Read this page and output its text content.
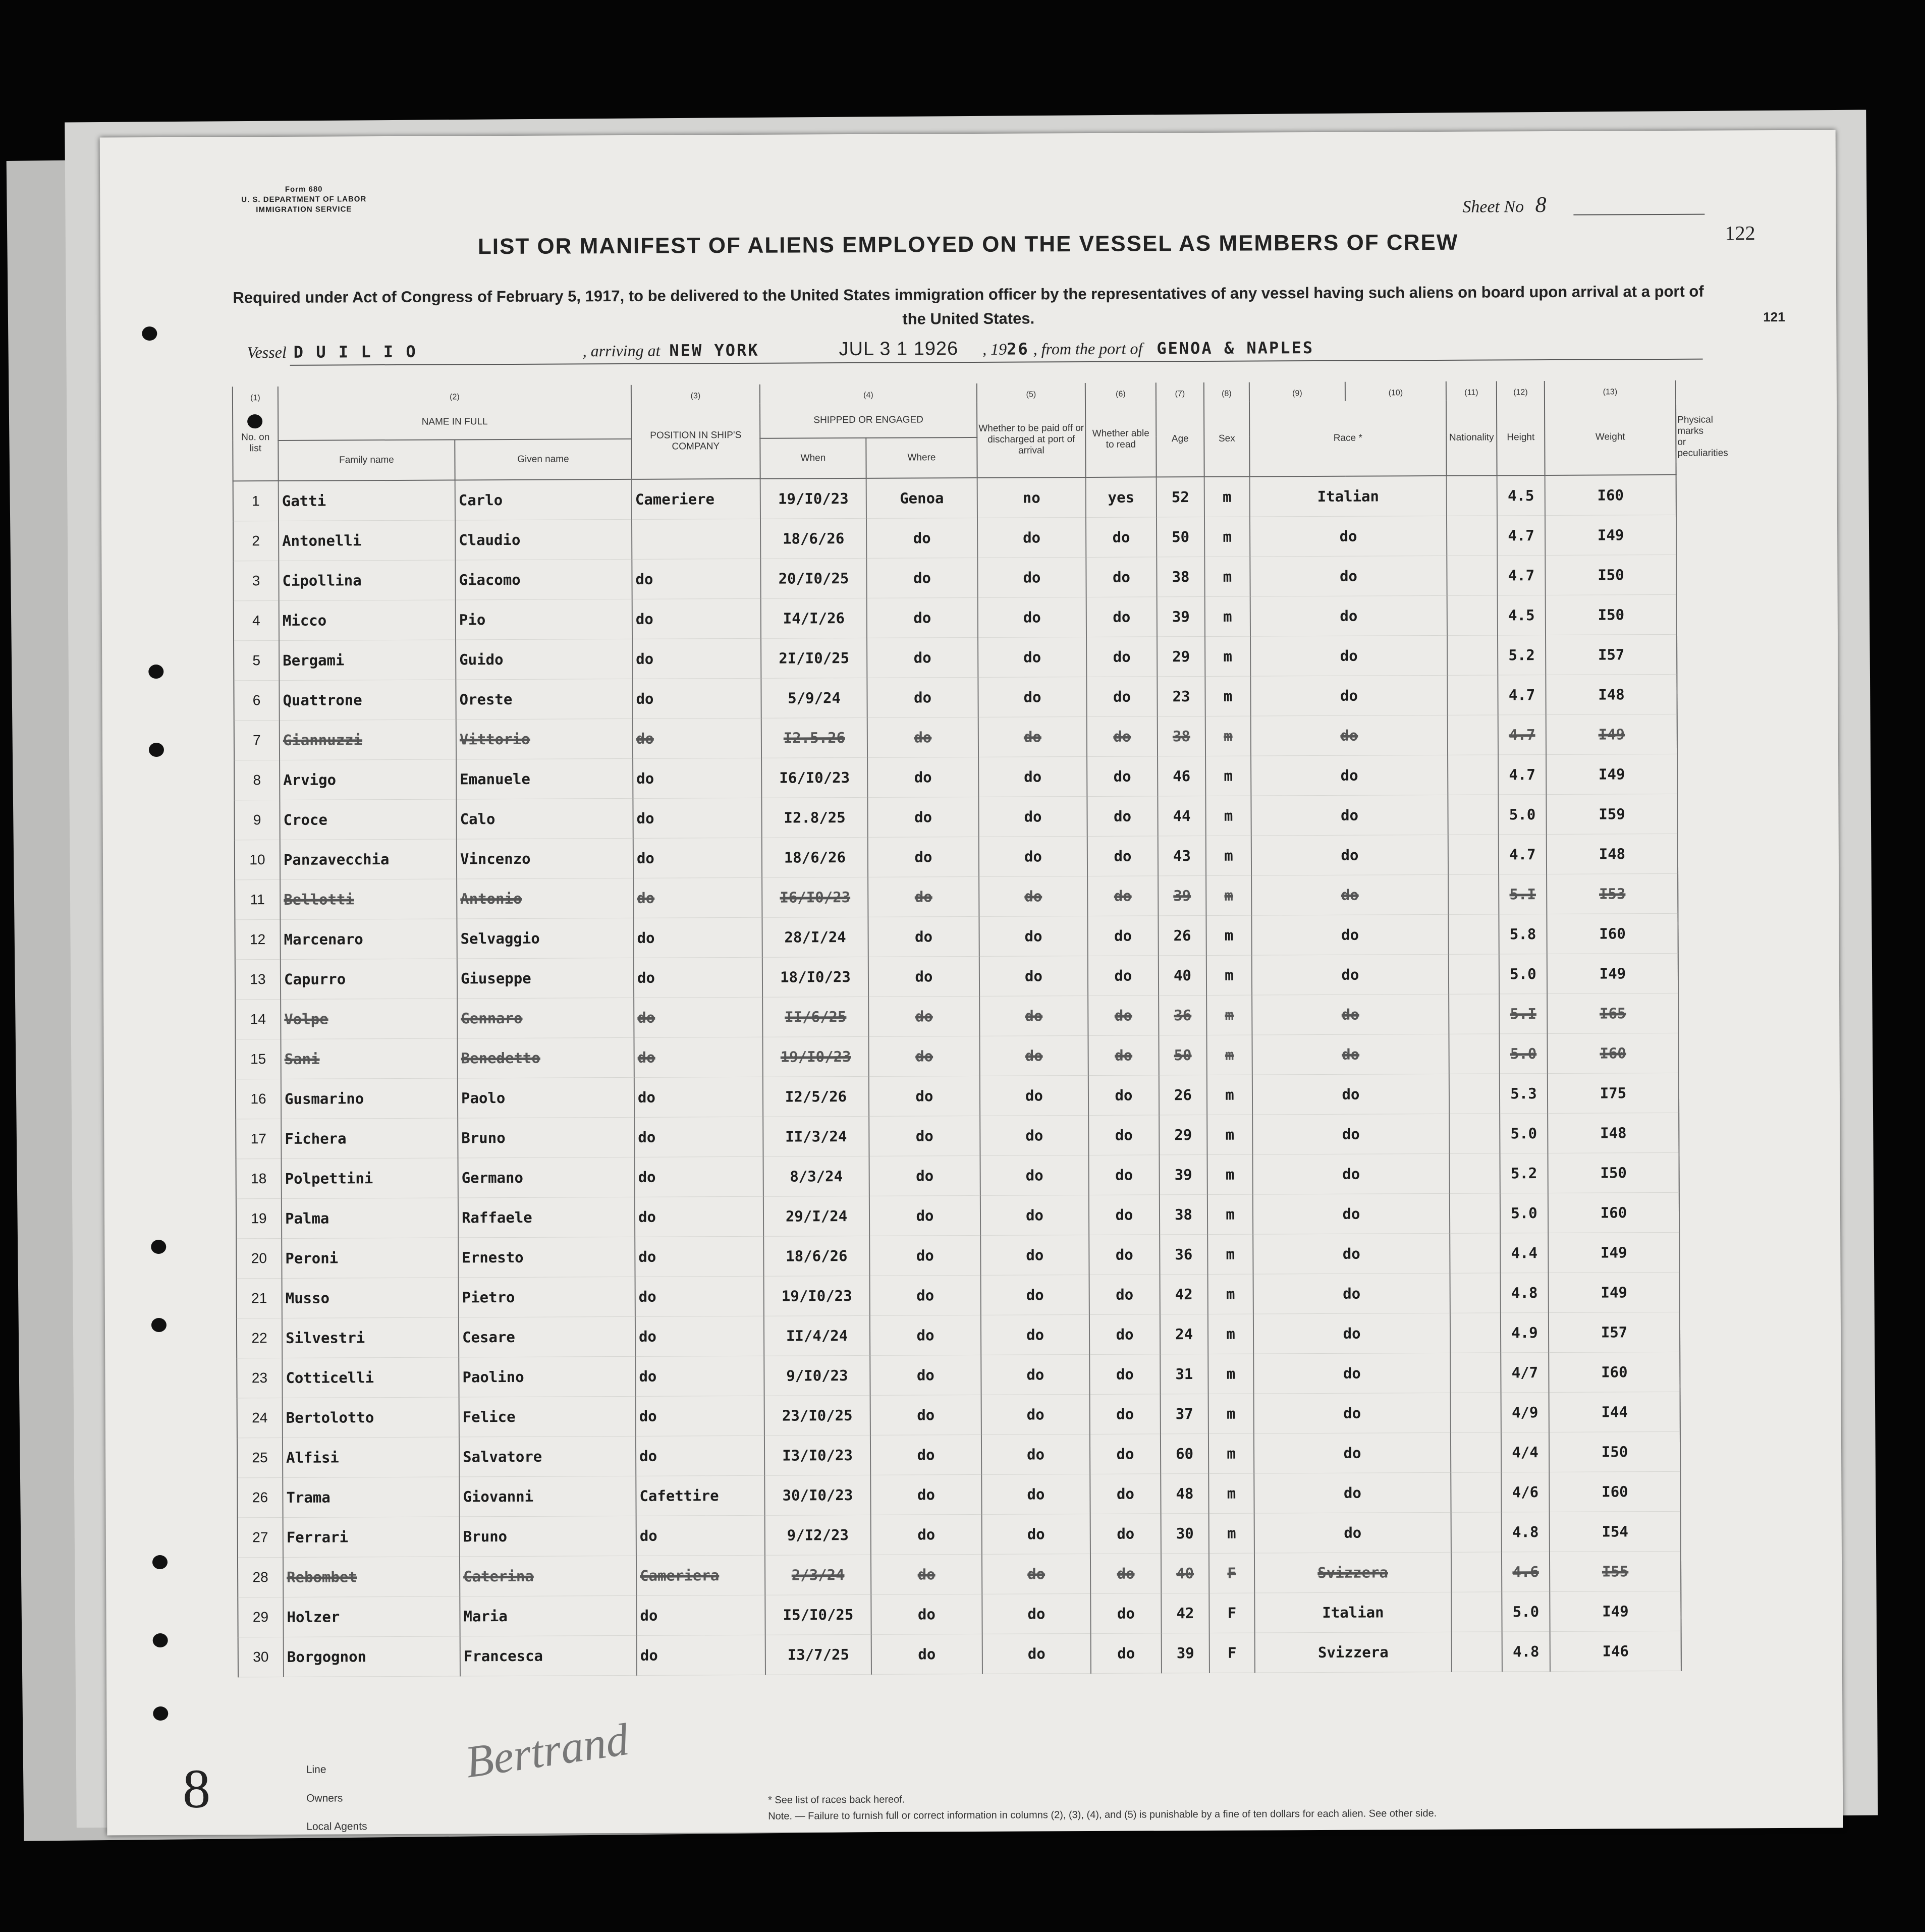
Form 680
U. S. DEPARTMENT OF LABOR
IMMIGRATION SERVICE	Sheet No 8
122
121
LIST OR MANIFEST OF ALIENS EMPLOYED ON THE VESSEL AS MEMBERS OF CREW
Required under Act of Congress of February 5, 1917, to be delivered to the United States immigration officer by the representatives of any vessel having such aliens on board upon arrival at a port of the United States.
Vessel D U I L I O	, arriving at NEW YORK	JUL 3 1 1926 , 1926 , from the port of GENOA & NAPLES
(1)	(2)		(3)	(4)		(5)	(6)	(7)	(8)	(9)	(10)	(11)	(12)	(13)	
No. on list	NAME IN FULL		POSITION IN SHIP'S COMPANY	SHIPPED OR ENGAGED		Whether to be paid off or discharged at port of arrival	Whether able to read	Age	Sex	Race *		Nationality	Height	Weight	Physical marks or peculiarities
	Family name	Given name		When	Where										
1	Gatti	Carlo	Cameriere	19/I0/23	Genoa	no	yes	52	m	Italian			4.5	I60	
2	Antonelli	Claudio		18/6/26	do	do	do	50	m	do			4.7	I49	
3	Cipollina	Giacomo	do	20/I0/25	do	do	do	38	m	do			4.7	I50	
4	Micco	Pio	do	I4/I/26	do	do	do	39	m	do			4.5	I50	
5	Bergami	Guido	do	2I/I0/25	do	do	do	29	m	do			5.2	I57	
6	Quattrone	Oreste	do	5/9/24	do	do	do	23	m	do			4.7	I48	
7	Giannuzzi	Vittorio	do	I2.5.26	do	do	do	38	m	do			4.7	I49	
8	Arvigo	Emanuele	do	I6/I0/23	do	do	do	46	m	do			4.7	I49	
9	Croce	Calo	do	I2.8/25	do	do	do	44	m	do			5.0	I59	
10	Panzavecchia	Vincenzo	do	18/6/26	do	do	do	43	m	do			4.7	I48	
11	Bellotti	Antonio	do	I6/I0/23	do	do	do	39	m	do			5.I	I53	
12	Marcenaro	Selvaggio	do	28/I/24	do	do	do	26	m	do			5.8	I60	
13	Capurro	Giuseppe	do	18/I0/23	do	do	do	40	m	do			5.0	I49	
14	Volpe	Gennaro	do	II/6/25	do	do	do	36	m	do			5.I	I65	
15	Sani	Benedetto	do	19/I0/23	do	do	do	50	m	do			5.0	I60	
16	Gusmarino	Paolo	do	I2/5/26	do	do	do	26	m	do			5.3	I75	
17	Fichera	Bruno	do	II/3/24	do	do	do	29	m	do			5.0	I48	
18	Polpettini	Germano	do	8/3/24	do	do	do	39	m	do			5.2	I50	
19	Palma	Raffaele	do	29/I/24	do	do	do	38	m	do			5.0	I60	
20	Peroni	Ernesto	do	18/6/26	do	do	do	36	m	do			4.4	I49	
21	Musso	Pietro	do	19/I0/23	do	do	do	42	m	do			4.8	I49	
22	Silvestri	Cesare	do	II/4/24	do	do	do	24	m	do			4.9	I57	
23	Cotticelli	Paolino	do	9/I0/23	do	do	do	31	m	do			4/7	I60	
24	Bertolotto	Felice	do	23/I0/25	do	do	do	37	m	do			4/9	I44	
25	Alfisi	Salvatore	do	I3/I0/23	do	do	do	60	m	do			4/4	I50	
26	Trama	Giovanni	Cafettire	30/I0/23	do	do	do	48	m	do			4/6	I60	
27	Ferrari	Bruno	do	9/I2/23	do	do	do	30	m	do			4.8	I54	
28	Rebombet	Caterina	Cameriera	2/3/24	do	do	do	40	F	Svizzera			4.6	I55	
29	Holzer	Maria	do	I5/I0/25	do	do	do	42	F	Italian			5.0	I49	
30	Borgognon	Francesca	do	I3/7/25	do	do	do	39	F	Svizzera			4.8	I46	
8	Line
Owners
Local Agents
Bertrand
* See list of races back hereof.
Note. — Failure to furnish full or correct information in columns (2), (3), (4), and (5) is punishable by a fine of ten dollars for each alien. See other side.
